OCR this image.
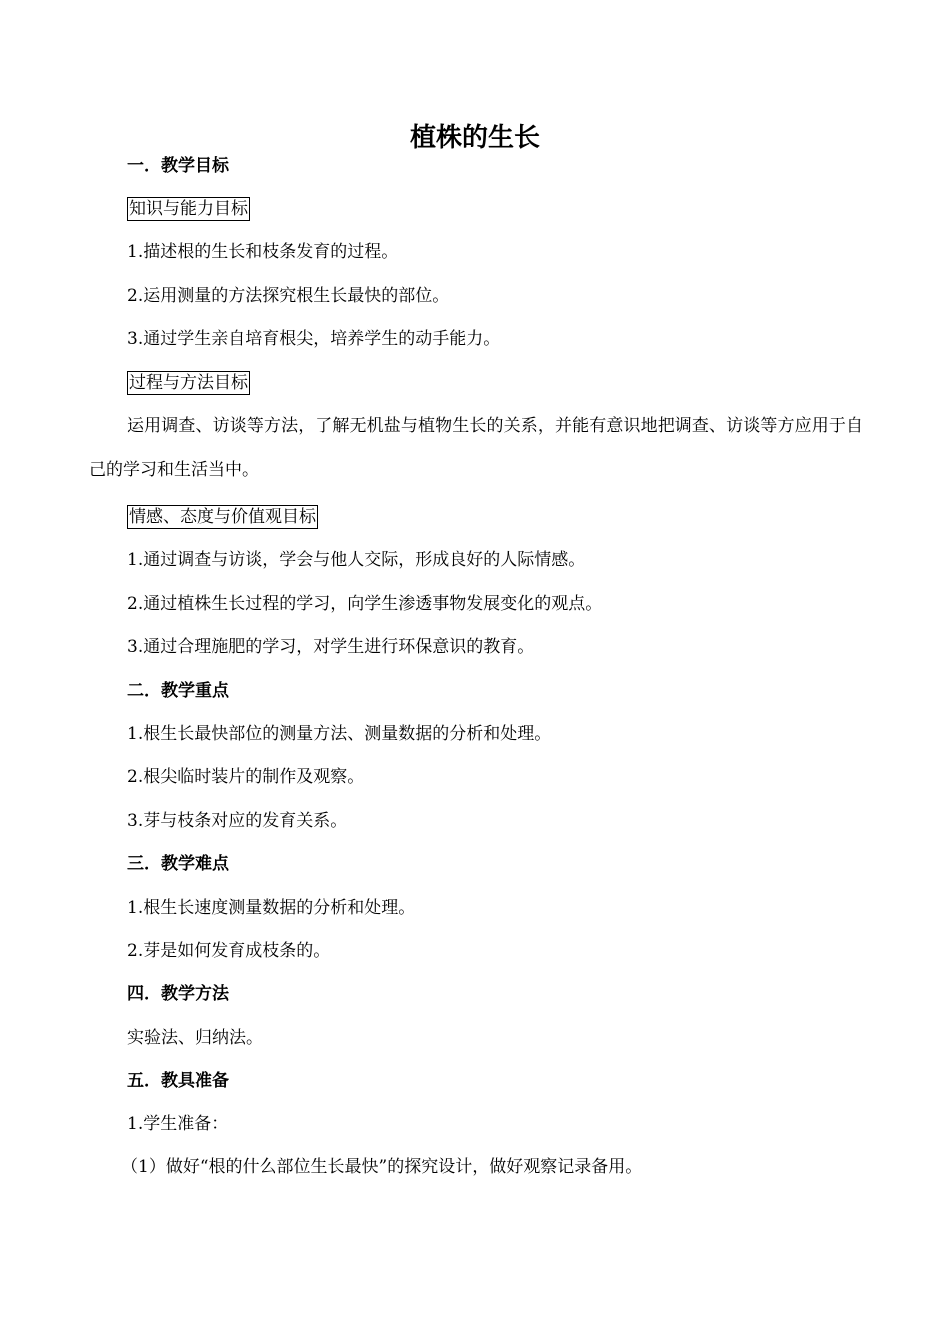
植株的生长
一．教学目标
知识与能力目标
1.描述根的生长和枝条发育的过程。
2.运用测量的方法探究根生长最快的部位。
3.通过学生亲自培育根尖，培养学生的动手能力。
过程与方法目标
运用调查、访谈等方法，了解无机盐与植物生长的关系，并能有意识地把调查、访谈等方应用于自己的学习和生活当中。
情感、态度与价值观目标
1.通过调查与访谈，学会与他人交际，形成良好的人际情感。
2.通过植株生长过程的学习，向学生渗透事物发展变化的观点。
3.通过合理施肥的学习，对学生进行环保意识的教育。
二．教学重点
1.根生长最快部位的测量方法、测量数据的分析和处理。
2.根尖临时装片的制作及观察。
3.芽与枝条对应的发育关系。
三．教学难点
1.根生长速度测量数据的分析和处理。
2.芽是如何发育成枝条的。
四．教学方法
实验法、归纳法。
五．教具准备
1.学生准备：
（1）做好“根的什么部位生长最快”的探究设计，做好观察记录备用。
